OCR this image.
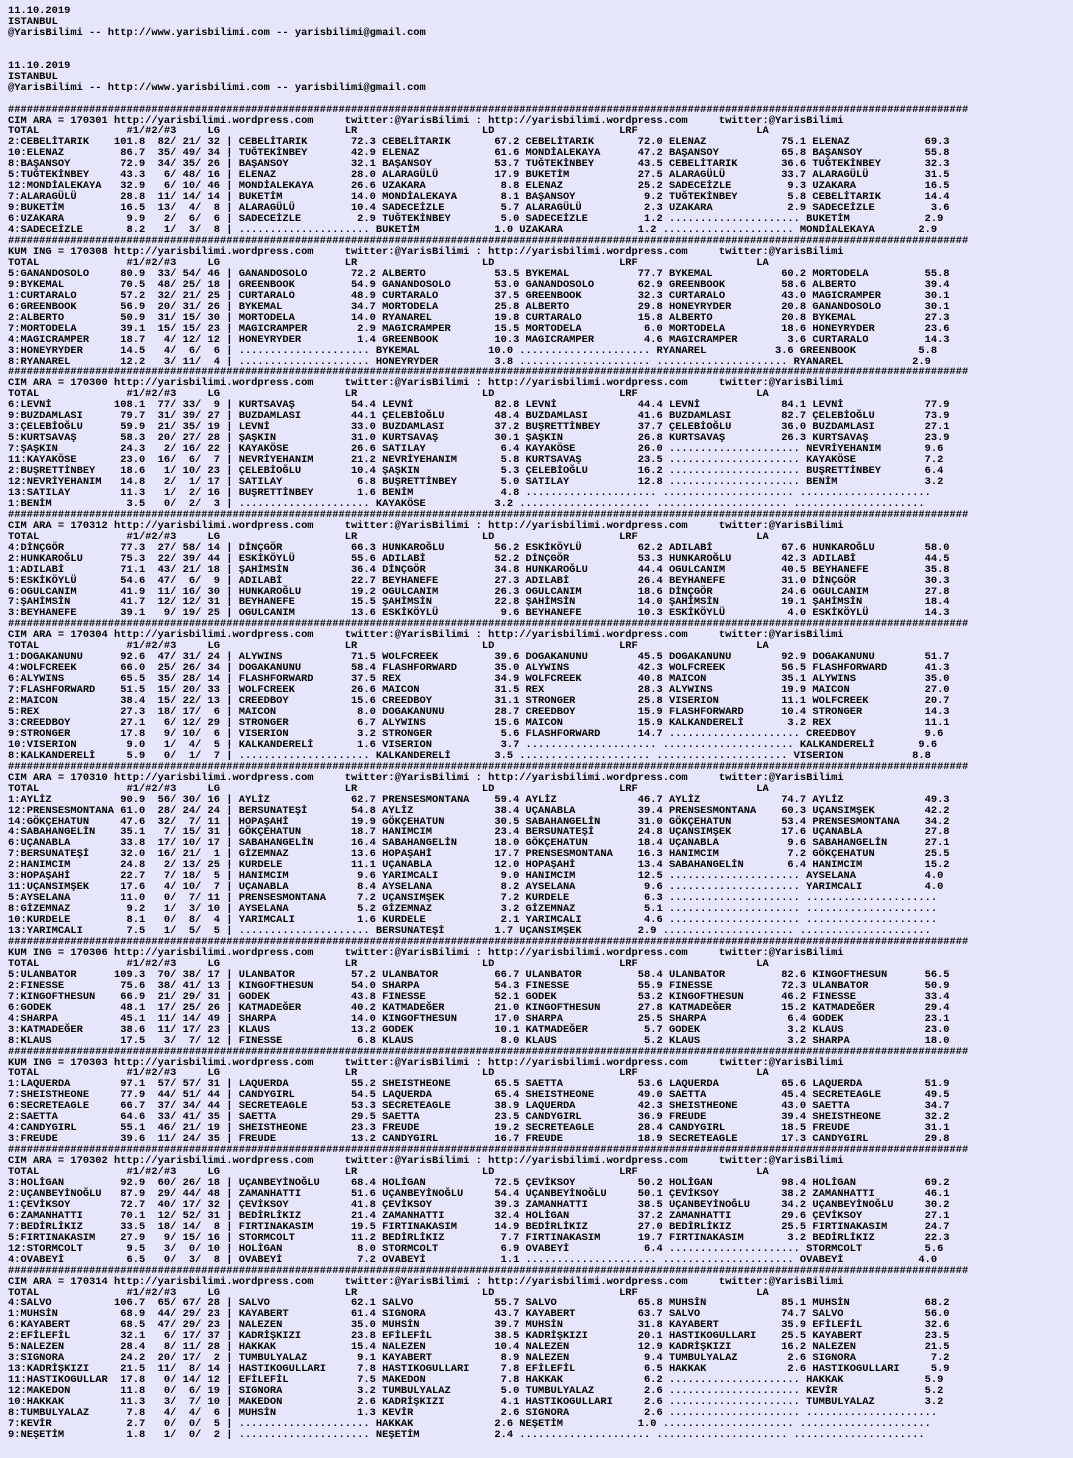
11.10.2019
ISTANBUL
@YarisBilimi -- http://www.yarisbilimi.com -- yarisbilimi@gmail.com

11.10.2019
ISTANBUL
@YarisBilimi -- http://www.yarisbilimi.com -- yarisbilimi@gmail.com

##########################################################################################################################################################
CIM ARA = 170301 http://yarisbilimi.wordpress.com     twitter:@YarisBilimi : http://yarisbilimi.wordpress.com     twitter:@YarisBilimi
TOTAL              #1/#2/#3     LG                    LR                    LD                    LRF                   LA
2:CEBELİTARIK    101.8  82/ 21/ 32 | CEBELİTARIK       72.3 CEBELİTARIK       67.2 CEBELİTARIK       72.0 ELENAZ            75.1 ELENAZ            69.3
10:ELENAZ         86.7  35/ 49/ 34 | TUĞTEKİNBEY       42.9 ELENAZ            61.6 MONDİALEKAYA      47.2 BAŞANSOY          65.8 BAŞANSOY          55.8
8:BAŞANSOY        72.9  34/ 35/ 26 | BAŞANSOY          32.1 BAŞANSOY          53.7 TUĞTEKİNBEY       43.5 CEBELİTARIK       36.6 TUĞTEKİNBEY       32.3
5:TUĞTEKİNBEY     43.3   6/ 48/ 16 | ELENAZ            28.0 ALARAGÜLÜ         17.9 BUKETİM           27.5 ALARAGÜLÜ         33.7 ALARAGÜLÜ         31.5
12:MONDİALEKAYA   32.9   6/ 10/ 46 | MONDİALEKAYA      26.6 UZAKARA            8.8 ELENAZ            25.2 SADECEİZLE         9.3 UZAKARA           16.5
7:ALARAGÜLÜ       28.8  11/ 14/ 14 | BUKETİM           14.0 MONDİALEKAYA       8.1 BAŞANSOY           9.2 TUĞTEKİNBEY        5.8 CEBELİTARIK       14.4
9:BUKETİM         16.5  13/  4/  8 | ALARAGÜLÜ         10.4 SADECEİZLE         5.7 ALARAGÜLÜ          2.3 UZAKARA            2.9 SADECEİZLE         3.6
6:UZAKARA          9.9   2/  6/  6 | SADECEİZLE         2.9 TUĞTEKİNBEY        5.0 SADECEİZLE         1.2 ..................... BUKETİM            2.9
4:SADECEİZLE       8.2   1/  3/  8 | ..................... BUKETİM            1.0 UZAKARA            1.2 ..................... MONDİALEKAYA       2.9
##########################################################################################################################################################
KUM ING = 170308 http://yarisbilimi.wordpress.com     twitter:@YarisBilimi : http://yarisbilimi.wordpress.com     twitter:@YarisBilimi
TOTAL              #1/#2/#3     LG                    LR                    LD                    LRF                   LA
5:GANANDOSOLO     80.9  33/ 54/ 46 | GANANDOSOLO       72.2 ALBERTO           53.5 BYKEMAL           77.7 BYKEMAL           60.2 MORTODELA         55.8
9:BYKEMAL         70.5  48/ 25/ 18 | GREENBOOK         54.9 GANANDOSOLO       53.0 GANANDOSOLO       62.9 GREENBOOK         58.6 ALBERTO           39.4
1:CURTARALO       57.2  32/ 21/ 25 | CURTARALO         48.9 CURTARALO         37.5 GREENBOOK         32.3 CURTARALO         43.0 MAGICRAMPER       30.1
6:GREENBOOK       56.9  20/ 31/ 26 | BYKEMAL           34.7 MORTODELA         25.8 ALBERTO           29.8 HONEYRYDER        20.8 GANANDOSOLO       30.1
2:ALBERTO         50.9  31/ 15/ 30 | MORTODELA         14.0 RYANAREL          19.8 CURTARALO         15.8 ALBERTO           20.8 BYKEMAL           27.3
7:MORTODELA       39.1  15/ 15/ 23 | MAGICRAMPER        2.9 MAGICRAMPER       15.5 MORTODELA          6.0 MORTODELA         18.6 HONEYRYDER        23.6
4:MAGICRAMPER     18.7   4/ 12/ 12 | HONEYRYDER         1.4 GREENBOOK         10.3 MAGICRAMPER        4.6 MAGICRAMPER        3.6 CURTARALO         14.3
3:HONEYRYDER      14.5   4/  6/  6 | ..................... BYKEMAL           10.0 ..................... RYANAREL           3.6 GREENBOOK          5.8
8:RYANAREL        12.2   3/ 11/  4 | ..................... HONEYRYDER         3.8 ..................... ..................... RYANAREL           2.9
##########################################################################################################################################################
CIM ARA = 170300 http://yarisbilimi.wordpress.com     twitter:@YarisBilimi : http://yarisbilimi.wordpress.com     twitter:@YarisBilimi
TOTAL              #1/#2/#3     LG                    LR                    LD                    LRF                   LA
6:LEVNİ          108.1  77/ 33/  9 | KURTSAVAŞ         54.4 LEVNİ             82.8 LEVNİ             44.4 LEVNİ             84.1 LEVNİ             77.9
9:BUZDAMLASI      79.7  31/ 39/ 27 | BUZDAMLASI        44.1 ÇELEBİOĞLU        48.4 BUZDAMLASI        41.6 BUZDAMLASI        82.7 ÇELEBİOĞLU        73.9
3:ÇELEBİOĞLU      59.9  21/ 35/ 19 | LEVNİ             33.0 BUZDAMLASI        37.2 BUŞRETTİNBEY      37.7 ÇELEBİOĞLU        36.0 BUZDAMLASI        27.1
5:KURTSAVAŞ       58.3  20/ 27/ 28 | ŞAŞKIN            31.0 KURTSAVAŞ         30.1 ŞAŞKIN            26.8 KURTSAVAŞ         26.3 KURTSAVAŞ         23.9
7:ŞAŞKIN          24.3   2/ 16/ 22 | KAYAKÖSE          26.6 SATILAY            6.4 KAYAKÖSE          26.0 ..................... NEVRİYEHANIM       9.6
11:KAYAKÖSE       23.0  16/  6/  7 | NEVRİYEHANIM      21.2 NEVRİYEHANIM       5.8 KURTSAVAŞ         23.5 ..................... KAYAKÖSE           7.2
2:BUŞRETTİNBEY    18.6   1/ 10/ 23 | ÇELEBİOĞLU        10.4 ŞAŞKIN             5.3 ÇELEBİOĞLU        16.2 ..................... BUŞRETTİNBEY       6.4
12:NEVRİYEHANIM   14.8   2/  1/ 17 | SATILAY            6.8 BUŞRETTİNBEY       5.0 SATILAY           12.8 ..................... BENİM              3.2
13:SATILAY        11.3   1/  2/ 16 | BUŞRETTİNBEY       1.6 BENİM              4.8 ..................... ..................... .....................
1:BENİM            3.5   0/  2/  3 | ..................... KAYAKÖSE           3.2 ..................... ..................... .....................
##########################################################################################################################################################
CIM ARA = 170312 http://yarisbilimi.wordpress.com     twitter:@YarisBilimi : http://yarisbilimi.wordpress.com     twitter:@YarisBilimi
TOTAL              #1/#2/#3     LG                    LR                    LD                    LRF                   LA
4:DİNÇGÖR         77.3  27/ 58/ 14 | DİNÇGÖR           66.3 HUNKAROĞLU        56.2 ESKİKÖYLÜ         62.2 ADILABİ           67.6 HUNKAROĞLU        58.0
2:HUNKAROĞLU      75.3  22/ 39/ 44 | ESKİKÖYLÜ         55.6 ADILABİ           52.2 DİNÇGÖR           53.3 HUNKAROĞLU        42.3 ADILABİ           44.5
1:ADILABİ         71.1  43/ 21/ 18 | ŞAHİMSİN          36.4 DİNÇGÖR           34.8 HUNKAROĞLU        44.4 OGULCANIM         40.5 BEYHANEFE         35.8
5:ESKİKÖYLÜ       54.6  47/  6/  9 | ADILABİ           22.7 BEYHANEFE         27.3 ADILABİ           26.4 BEYHANEFE         31.0 DİNÇGÖR           30.3
6:OGULCANIM       41.9  11/ 16/ 30 | HUNKAROĞLU        19.2 OGULCANIM         26.3 OGULCANIM         18.6 DİNÇGÖR           24.6 OGULCANIM         27.8
7:ŞAHİMSİN        41.7  12/ 12/ 31 | BEYHANEFE         15.5 ŞAHİMSİN          22.8 ŞAHİMSİN          14.0 ŞAHİMSİN          19.1 ŞAHİMSİN          18.4
3:BEYHANEFE       39.1   9/ 19/ 25 | OGULCANIM         13.6 ESKİKÖYLÜ          9.6 BEYHANEFE         10.3 ESKİKÖYLÜ          4.0 ESKİKÖYLÜ         14.3
##########################################################################################################################################################
CIM ARA = 170304 http://yarisbilimi.wordpress.com     twitter:@YarisBilimi : http://yarisbilimi.wordpress.com     twitter:@YarisBilimi
TOTAL              #1/#2/#3     LG                    LR                    LD                    LRF                   LA
1:DOGAKANUNU      92.6  47/ 31/ 24 | ALYWINS           71.5 WOLFCREEK         39.6 DOGAKANUNU        45.5 DOGAKANUNU        92.9 DOGAKANUNU        51.7
4:WOLFCREEK       66.0  25/ 26/ 34 | DOGAKANUNU        58.4 FLASHFORWARD      35.0 ALYWINS           42.3 WOLFCREEK         56.5 FLASHFORWARD      41.3
6:ALYWINS         65.5  35/ 28/ 14 | FLASHFORWARD      37.5 REX               34.9 WOLFCREEK         40.8 MAICON            35.1 ALYWINS           35.0
7:FLASHFORWARD    51.5  15/ 20/ 33 | WOLFCREEK         26.6 MAICON            31.5 REX               28.3 ALYWINS           19.9 MAICON            27.0
2:MAICON          38.4  15/ 22/ 13 | CREEDBOY          15.6 CREEDBOY          31.1 STRONGER          25.8 VISERION          11.1 WOLFCREEK         20.7
5:REX             27.3  18/ 17/  6 | MAICON             8.0 DOGAKANUNU        28.7 CREEDBOY          15.9 FLASHFORWARD      10.4 STRONGER          14.3
3:CREEDBOY        27.1   6/ 12/ 29 | STRONGER           6.7 ALYWINS           15.6 MAICON            15.9 KALKANDERELİ       3.2 REX               11.1
9:STRONGER        17.8   9/ 10/  6 | VISERION           3.2 STRONGER           5.6 FLASHFORWARD      14.7 ..................... CREEDBOY           9.6
10:VISERION        9.0   1/  4/  5 | KALKANDERELİ       1.6 VISERION           3.7 ..................... ..................... KALKANDERELİ       9.6
8:KALKANDERELİ     5.9   0/  1/  7 | ..................... KALKANDERELİ       3.5 ..................... ..................... VISERION           8.8
##########################################################################################################################################################
CIM ARA = 170310 http://yarisbilimi.wordpress.com     twitter:@YarisBilimi : http://yarisbilimi.wordpress.com     twitter:@YarisBilimi
TOTAL              #1/#2/#3     LG                    LR                    LD                    LRF                   LA
1:AYLİZ           90.9  56/ 30/ 16 | AYLİZ             62.7 PRENSESMONTANA    59.4 AYLİZ             46.7 AYLİZ             74.7 AYLİZ             49.3
12:PRENSESMONTANA 61.0  28/ 24/ 24 | BERSUNATEŞİ       54.8 AYLİZ             38.4 UÇANABLA          39.4 PRENSESMONTANA    60.3 UÇANSIMŞEK        42.2
14:GÖKÇEHATUN     47.6  32/  7/ 11 | HOPAŞAHİ          19.9 GÖKÇEHATUN        30.5 SABAHANGELİN      31.0 GÖKÇEHATUN        53.4 PRENSESMONTANA    34.2
4:SABAHANGELİN    35.1   7/ 15/ 31 | GÖKÇEHATUN        18.7 HANIMCIM          23.4 BERSUNATEŞİ       24.8 UÇANSIMŞEK        17.6 UÇANABLA          27.8
6:UÇANABLA        33.8  17/ 10/ 17 | SABAHANGELİN      16.4 SABAHANGELİN      18.0 GÖKÇEHATUN        18.4 UÇANABLA           9.6 SABAHANGELİN      27.1
7:BERSUNATEŞİ     32.0  16/ 21/  1 | GİZEMNAZ          13.6 HOPAŞAHİ          17.7 PRENSESMONTANA    16.3 HANIMCIM           7.2 GÖKÇEHATUN        25.5
2:HANIMCIM        24.8   2/ 13/ 25 | KURDELE           11.1 UÇANABLA          12.0 HOPAŞAHİ          13.4 SABAHANGELİN       6.4 HANIMCIM          15.2
3:HOPAŞAHİ        22.7   7/ 18/  5 | HANIMCIM           9.6 YARIMCALI          9.0 HANIMCIM          12.5 ..................... AYSELANA           4.0
11:UÇANSIMŞEK     17.6   4/ 10/  7 | UÇANABLA           8.4 AYSELANA           8.2 AYSELANA           9.6 ..................... YARIMCALI          4.0
5:AYSELANA        11.0   0/  7/ 11 | PRENSESMONTANA     7.2 UÇANSIMŞEK         7.2 KURDELE            6.3 ..................... .....................
8:GİZEMNAZ         9.2   1/  3/ 10 | AYSELANA           5.2 GİZEMNAZ           3.2 GİZEMNAZ           5.1 ..................... .....................
10:KURDELE         8.1   0/  8/  4 | YARIMCALI          1.6 KURDELE            2.1 YARIMCALI          4.6 ..................... .....................
13:YARIMCALI       7.5   1/  5/  5 | ..................... BERSUNATEŞİ        1.7 UÇANSIMŞEK         2.9 ..................... .....................
##########################################################################################################################################################
KUM ING = 170306 http://yarisbilimi.wordpress.com     twitter:@YarisBilimi : http://yarisbilimi.wordpress.com     twitter:@YarisBilimi
TOTAL              #1/#2/#3     LG                    LR                    LD                    LRF                   LA
5:ULANBATOR      109.3  70/ 38/ 17 | ULANBATOR         57.2 ULANBATOR         66.7 ULANBATOR         58.4 ULANBATOR         82.6 KINGOFTHESUN      56.5
2:FINESSE         75.6  38/ 41/ 13 | KINGOFTHESUN      54.0 SHARPA            54.3 FINESSE           55.9 FINESSE           72.3 ULANBATOR         50.9
7:KINGOFTHESUN    66.9  21/ 29/ 31 | GODEK             43.8 FINESSE           52.1 GODEK             53.2 KINGOFTHESUN      46.2 FINESSE           33.4
6:GODEK           48.1  17/ 25/ 26 | KATMADEĞER        40.2 KATMADEĞER        21.0 KINGOFTHESUN      27.8 KATMADEĞER        15.2 KATMADEĞER        29.4
4:SHARPA          45.1  11/ 14/ 49 | SHARPA            14.0 KINGOFTHESUN      17.0 SHARPA            25.5 SHARPA             6.4 GODEK             23.1
3:KATMADEĞER      38.6  11/ 17/ 23 | KLAUS             13.2 GODEK             10.1 KATMADEĞER         5.7 GODEK              3.2 KLAUS             23.0
8:KLAUS           17.5   3/  7/ 12 | FINESSE            6.8 KLAUS              8.0 KLAUS              5.2 KLAUS              3.2 SHARPA            18.0
##########################################################################################################################################################
KUM ING = 170303 http://yarisbilimi.wordpress.com     twitter:@YarisBilimi : http://yarisbilimi.wordpress.com     twitter:@YarisBilimi
TOTAL              #1/#2/#3     LG                    LR                    LD                    LRF                   LA
1:LAQUERDA        97.1  57/ 57/ 31 | LAQUERDA          55.2 SHEISTHEONE       65.5 SAETTA            53.6 LAQUERDA          65.6 LAQUERDA          51.9
7:SHEISTHEONE     77.9  44/ 51/ 44 | CANDYGIRL         54.5 LAQUERDA          65.4 SHEISTHEONE       49.0 SAETTA            45.4 SECRETEAGLE       49.5
6:SECRETEAGLE     66.7  37/ 34/ 44 | SECRETEAGLE       53.3 SECRETEAGLE       38.9 LAQUERDA          42.3 SHEISTHEONE       43.0 SAETTA            34.7
2:SAETTA          64.6  33/ 41/ 35 | SAETTA            29.5 SAETTA            23.5 CANDYGIRL         36.9 FREUDE            39.4 SHEISTHEONE       32.2
4:CANDYGIRL       55.1  46/ 21/ 19 | SHEISTHEONE       23.3 FREUDE            19.2 SECRETEAGLE       28.4 CANDYGIRL         18.5 FREUDE            31.1
3:FREUDE          39.6  11/ 24/ 35 | FREUDE            13.2 CANDYGIRL         16.7 FREUDE            18.9 SECRETEAGLE       17.3 CANDYGIRL         29.8
##########################################################################################################################################################
CIM ARA = 170302 http://yarisbilimi.wordpress.com     twitter:@YarisBilimi : http://yarisbilimi.wordpress.com     twitter:@YarisBilimi
TOTAL              #1/#2/#3     LG                    LR                    LD                    LRF                   LA
3:HOLİGAN         92.9  60/ 26/ 18 | UÇANBEYİNOĞLU     68.4 HOLİGAN           72.5 ÇEVİKSOY          50.2 HOLİGAN           98.4 HOLİGAN           69.2
2:UÇANBEYİNOĞLU   87.9  29/ 44/ 48 | ZAMANHATTI        51.6 UÇANBEYİNOĞLU     54.4 UÇANBEYİNOĞLU     50.1 ÇEVİKSOY          38.2 ZAMANHATTI        46.1
1:ÇEVİKSOY        72.7  40/ 17/ 32 | ÇEVİKSOY          41.8 ÇEVİKSOY          39.3 ZAMANHATTI        38.5 UÇANBEYİNOĞLU     34.2 UÇANBEYİNOĞLU     30.2
6:ZAMANHATTI      70.1  12/ 52/ 31 | BEDİRLİKIZ        21.4 ZAMANHATTI        32.4 HOLİGAN           37.2 ZAMANHATTI        29.6 ÇEVİKSOY          27.1
7:BEDİRLİKIZ      33.5  18/ 14/  8 | FIRTINAKASIM      19.5 FIRTINAKASIM      14.9 BEDİRLİKIZ        27.0 BEDİRLİKIZ        25.5 FIRTINAKASIM      24.7
5:FIRTINAKASIM    27.9   9/ 15/ 16 | STORMCOLT         11.2 BEDİRLİKIZ         7.7 FIRTINAKASIM      19.7 FIRTINAKASIM       3.2 BEDİRLİKIZ        22.3
12:STORMCOLT       9.5   3/  0/ 10 | HOLİGAN            8.0 STORMCOLT          6.9 OVABEYİ            6.4 ..................... STORMCOLT          5.6
4:OVABEYİ          6.5   0/  3/  8 | OVABEYİ            7.2 OVABEYİ            1.1 ..................... ..................... OVABEYİ            4.0
##########################################################################################################################################################
CIM ARA = 170314 http://yarisbilimi.wordpress.com     twitter:@YarisBilimi : http://yarisbilimi.wordpress.com     twitter:@YarisBilimi
TOTAL              #1/#2/#3     LG                    LR                    LD                    LRF                   LA
4:SALVO          106.7  65/ 67/ 28 | SALVO             62.1 SALVO             55.7 SALVO             65.8 MUHSİN            85.1 MUHSİN            68.2
1:MUHSİN          68.9  44/ 29/ 23 | KAYABERT          61.4 SIGNORA           43.7 KAYABERT          63.7 SALVO             74.7 SALVO             56.0
6:KAYABERT        68.5  47/ 29/ 23 | NALEZEN           35.0 MUHSİN            39.7 MUHSİN            31.8 KAYABERT          35.9 EFİLEFİL          32.6
2:EFİLEFİL        32.1   6/ 17/ 37 | KADRİŞKIZI        23.8 EFİLEFİL          38.5 KADRİŞKIZI        20.1 HASTIKOGULLARI    25.5 KAYABERT          23.5
5:NALEZEN         28.4   8/ 11/ 28 | HAKKAK            15.4 NALEZEN           10.4 NALEZEN           12.9 KADRİŞKIZI        16.2 NALEZEN           21.5
3:SIGNORA         24.2  20/ 17/  2 | TUMBULYALAZ        9.1 KAYABERT           8.9 NALEZEN            9.4 TUMBULYALAZ        2.6 SIGNORA            7.2
13:KADRİŞKIZI     21.5  11/  8/ 14 | HASTIKOGULLARI     7.8 HASTIKOGULLARI     7.8 EFİLEFİL           6.5 HAKKAK             2.6 HASTIKOGULLARI     5.9
11:HASTIKOGULLAR  17.8   0/ 14/ 12 | EFİLEFİL           7.5 MAKEDON            7.8 HAKKAK             6.2 ..................... HAKKAK             5.9
12:MAKEDON        11.8   0/  6/ 19 | SIGNORA            3.2 TUMBULYALAZ        5.0 TUMBULYALAZ        2.6 ..................... KEVİR              5.2
10:HAKKAK         11.3   3/  7/ 10 | MAKEDON            2.6 KADRİŞKIZI         4.1 HASTIKOGULLARI     2.6 ..................... TUMBULYALAZ        3.2
8:TUMBULYALAZ      7.8   4/  4/  6 | MUHSİN             1.3 KEVİR              2.6 SIGNORA            2.6 ..................... .....................
7:KEVİR            2.7   0/  0/  5 | ..................... HAKKAK             2.6 NEŞETİM            1.0 ..................... .....................
9:NEŞETİM          1.8   1/  0/  2 | ..................... NEŞETİM            2.4 ..................... ..................... .....................
